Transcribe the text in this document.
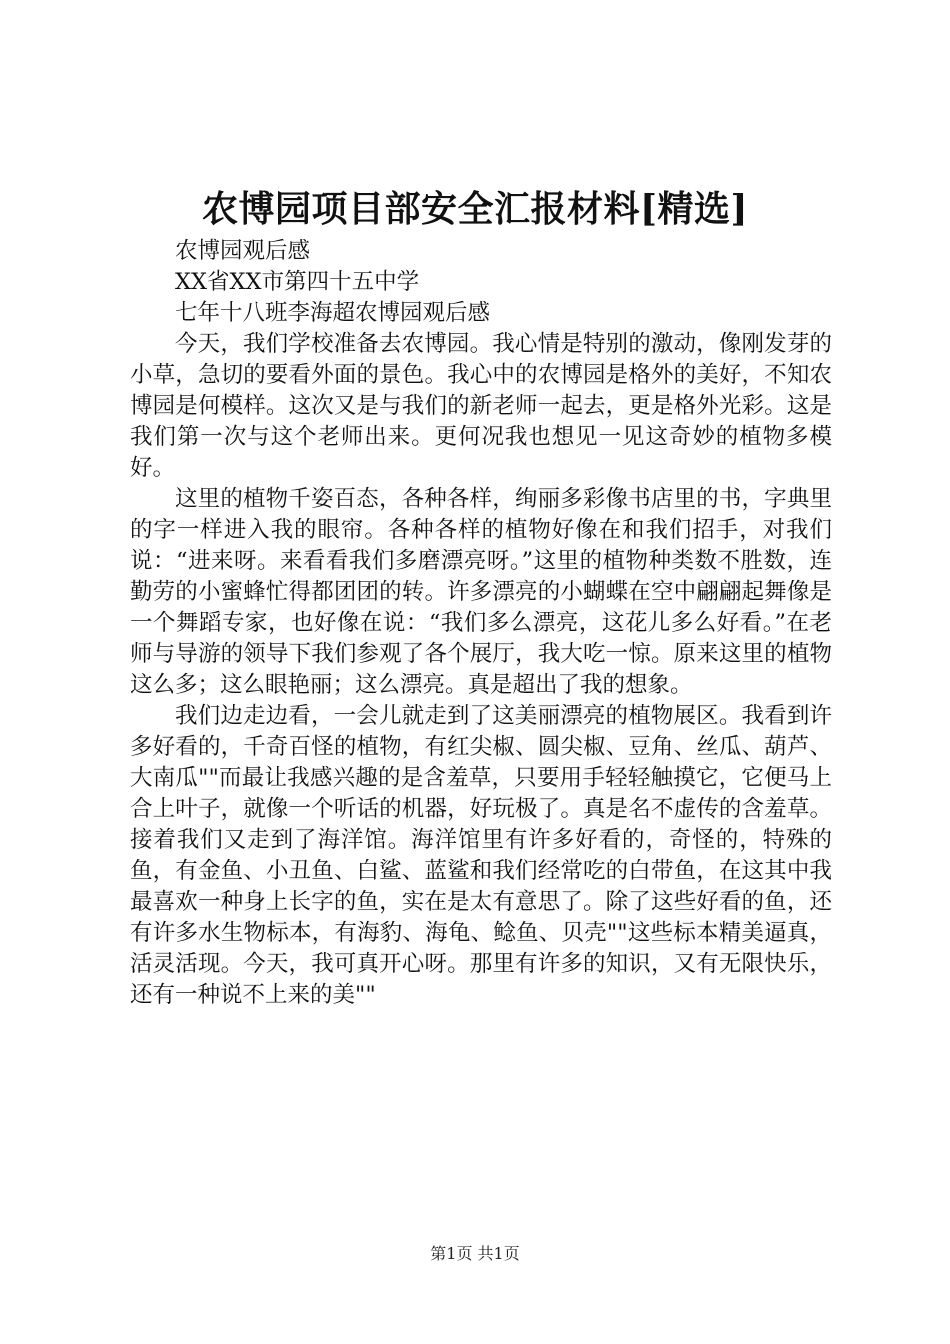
农博园项目部安全汇报材料[精选]

农博园观后感

XX省XX市第四十五中学

七年十八班李海超农博园观后感

今天，我们学校准备去农博园。我心情是特别的激动，像刚发芽的小草，急切的要看外面的景色。我心中的农博园是格外的美好，不知农博园是何模样。这次又是与我们的新老师一起去，更是格外光彩。这是我们第一次与这个老师出来。更何况我也想见一见这奇妙的植物多模好。

这里的植物千姿百态，各种各样，绚丽多彩像书店里的书，字典里的字一样进入我的眼帘。各种各样的植物好像在和我们招手，对我们说：“进来呀。来看看我们多磨漂亮呀。”这里的植物种类数不胜数，连勤劳的小蜜蜂忙得都团团的转。许多漂亮的小蝴蝶在空中翩翩起舞像是一个舞蹈专家，也好像在说：“我们多么漂亮，这花儿多么好看。”在老师与导游的领导下我们参观了各个展厅，我大吃一惊。原来这里的植物这么多；这么眼艳丽；这么漂亮。真是超出了我的想象。

我们边走边看，一会儿就走到了这美丽漂亮的植物展区。我看到许多好看的，千奇百怪的植物，有红尖椒、圆尖椒、豆角、丝瓜、葫芦、大南瓜""而最让我感兴趣的是含羞草，只要用手轻轻触摸它，它便马上合上叶子，就像一个听话的机器，好玩极了。真是名不虚传的含羞草。接着我们又走到了海洋馆。海洋馆里有许多好看的，奇怪的，特殊的鱼，有金鱼、小丑鱼、白鲨、蓝鲨和我们经常吃的白带鱼，在这其中我最喜欢一种身上长字的鱼，实在是太有意思了。除了这些好看的鱼，还有许多水生物标本，有海豹、海龟、鲶鱼、贝壳""这些标本精美逼真，活灵活现。今天，我可真开心呀。那里有许多的知识，又有无限快乐，还有一种说不上来的美""

第1页 共1页
